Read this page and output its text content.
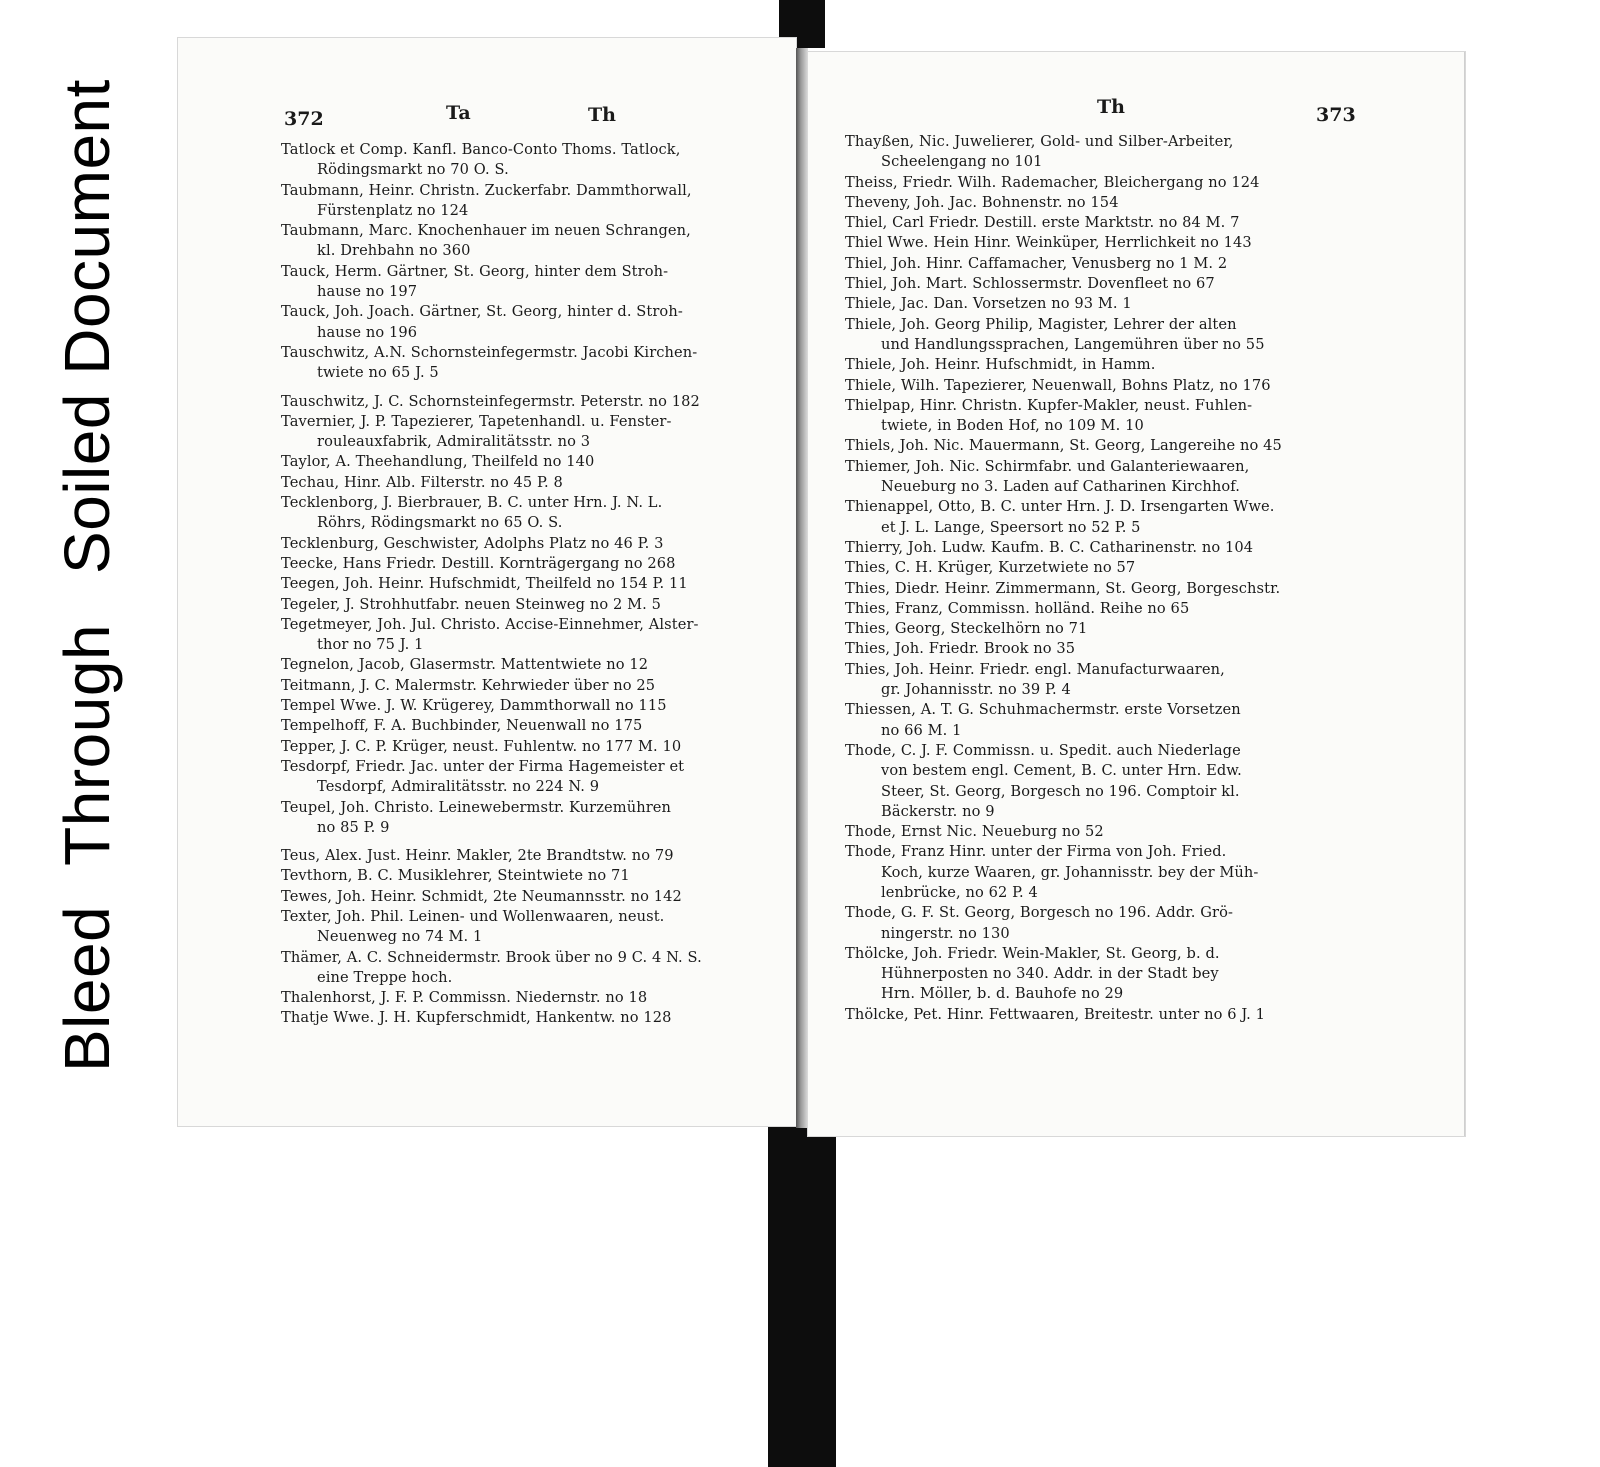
BleedThroughSoiled Document	372	Ta	Th
Tatlock et Comp. Kanfl. Banco-Conto Thoms. Tatlock,
Rödingsmarkt no 70 O. S.
Taubmann, Heinr. Christn. Zuckerfabr. Dammthorwall,
Fürstenplatz no 124
Taubmann, Marc. Knochenhauer im neuen Schrangen,
kl. Drehbahn no 360
Tauck, Herm. Gärtner, St. Georg, hinter dem Stroh-
hause no 197
Tauck, Joh. Joach. Gärtner, St. Georg, hinter d. Stroh-
hause no 196
Tauschwitz, A.N. Schornsteinfegermstr. Jacobi Kirchen-
twiete no 65 J. 5
Tauschwitz, J. C. Schornsteinfegermstr. Peterstr. no 182
Tavernier, J. P. Tapezierer, Tapetenhandl. u. Fenster-
rouleauxfabrik, Admiralitätsstr. no 3
Taylor, A. Theehandlung, Theilfeld no 140
Techau, Hinr. Alb. Filterstr. no 45 P. 8
Tecklenborg, J. Bierbrauer, B. C. unter Hrn. J. N. L.
Röhrs, Rödingsmarkt no 65 O. S.
Tecklenburg, Geschwister, Adolphs Platz no 46 P. 3
Teecke, Hans Friedr. Destill. Kornträgergang no 268
Teegen, Joh. Heinr. Hufschmidt, Theilfeld no 154 P. 11
Tegeler, J. Strohhutfabr. neuen Steinweg no 2 M. 5
Tegetmeyer, Joh. Jul. Christo. Accise-Einnehmer, Alster-
thor no 75 J. 1
Tegnelon, Jacob, Glasermstr. Mattentwiete no 12
Teitmann, J. C. Malermstr. Kehrwieder über no 25
Tempel Wwe. J. W. Krügerey, Dammthorwall no 115
Tempelhoff, F. A. Buchbinder, Neuenwall no 175
Tepper, J. C. P. Krüger, neust. Fuhlentw. no 177 M. 10
Tesdorpf, Friedr. Jac. unter der Firma Hagemeister et
Tesdorpf, Admiralitätsstr. no 224 N. 9
Teupel, Joh. Christo. Leinewebermstr. Kurzemühren
no 85 P. 9
Teus, Alex. Just. Heinr. Makler, 2te Brandtstw. no 79
Tevthorn, B. C. Musiklehrer, Steintwiete no 71
Tewes, Joh. Heinr. Schmidt, 2te Neumannsstr. no 142
Texter, Joh. Phil. Leinen- und Wollenwaaren, neust.
Neuenweg no 74 M. 1
Thämer, A. C. Schneidermstr. Brook über no 9 C. 4 N. S.
eine Treppe hoch.
Thalenhorst, J. F. P. Commissn. Niedernstr. no 18
Thatje Wwe. J. H. Kupferschmidt, Hankentw. no 128
Th	373
Thayßen, Nic. Juwelierer, Gold- und Silber-Arbeiter,
Scheelengang no 101
Theiss, Friedr. Wilh. Rademacher, Bleichergang no 124
Theveny, Joh. Jac. Bohnenstr. no 154
Thiel, Carl Friedr. Destill. erste Marktstr. no 84 M. 7
Thiel Wwe. Hein Hinr. Weinküper, Herrlichkeit no 143
Thiel, Joh. Hinr. Caffamacher, Venusberg no 1 M. 2
Thiel, Joh. Mart. Schlossermstr. Dovenfleet no 67
Thiele, Jac. Dan. Vorsetzen no 93 M. 1
Thiele, Joh. Georg Philip, Magister, Lehrer der alten
und Handlungssprachen, Langemühren über no 55
Thiele, Joh. Heinr. Hufschmidt, in Hamm.
Thiele, Wilh. Tapezierer, Neuenwall, Bohns Platz, no 176
Thielpap, Hinr. Christn. Kupfer-Makler, neust. Fuhlen-
twiete, in Boden Hof, no 109 M. 10
Thiels, Joh. Nic. Mauermann, St. Georg, Langereihe no 45
Thiemer, Joh. Nic. Schirmfabr. und Galanteriewaaren,
Neueburg no 3. Laden auf Catharinen Kirchhof.
Thienappel, Otto, B. C. unter Hrn. J. D. Irsengarten Wwe.
et J. L. Lange, Speersort no 52 P. 5
Thierry, Joh. Ludw. Kaufm. B. C. Catharinenstr. no 104
Thies, C. H. Krüger, Kurzetwiete no 57
Thies, Diedr. Heinr. Zimmermann, St. Georg, Borgeschstr.
Thies, Franz, Commissn. holländ. Reihe no 65
Thies, Georg, Steckelhörn no 71
Thies, Joh. Friedr. Brook no 35
Thies, Joh. Heinr. Friedr. engl. Manufacturwaaren,
gr. Johannisstr. no 39 P. 4
Thiessen, A. T. G. Schuhmachermstr. erste Vorsetzen
no 66 M. 1
Thode, C. J. F. Commissn. u. Spedit. auch Niederlage
von bestem engl. Cement, B. C. unter Hrn. Edw.
Steer, St. Georg, Borgesch no 196. Comptoir kl.
Bäckerstr. no 9
Thode, Ernst Nic. Neueburg no 52
Thode, Franz Hinr. unter der Firma von Joh. Fried.
Koch, kurze Waaren, gr. Johannisstr. bey der Müh-
lenbrücke, no 62 P. 4
Thode, G. F. St. Georg, Borgesch no 196. Addr. Grö-
ningerstr. no 130
Thölcke, Joh. Friedr. Wein-Makler, St. Georg, b. d.
Hühnerposten no 340. Addr. in der Stadt bey
Hrn. Möller, b. d. Bauhofe no 29
Thölcke, Pet. Hinr. Fettwaaren, Breitestr. unter no 6 J. 1
